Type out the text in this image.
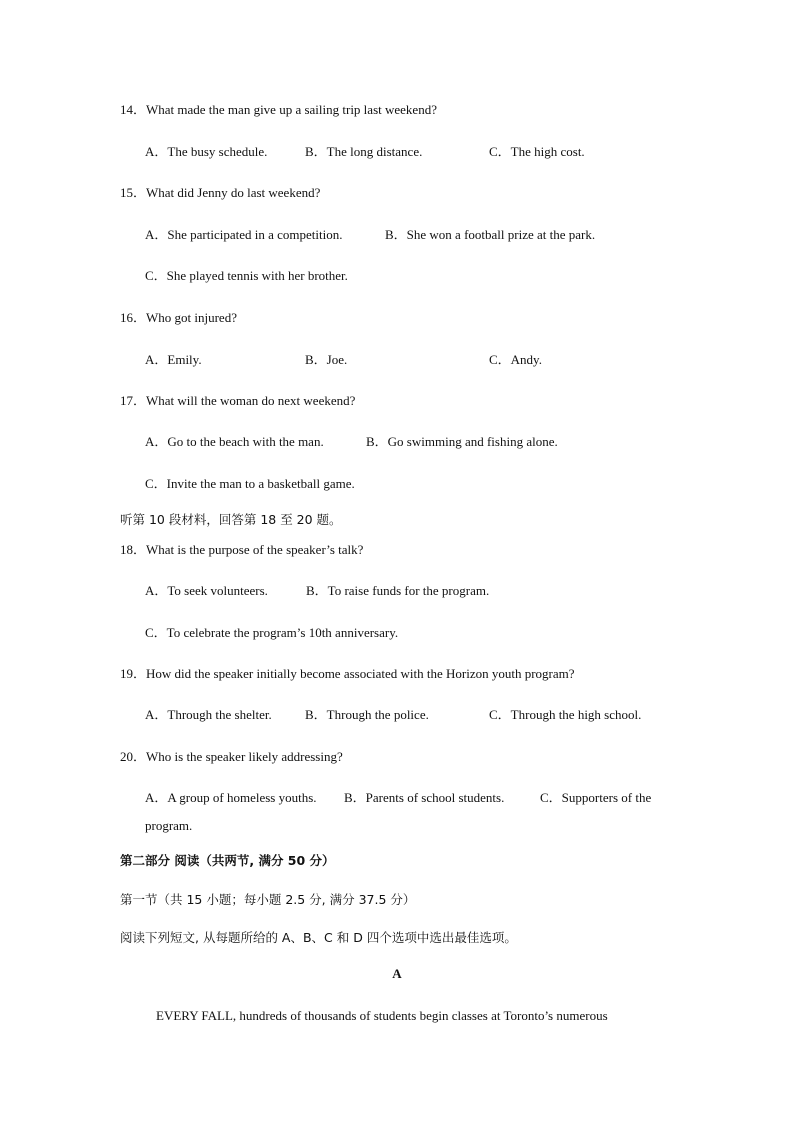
14．What made the man give up a sailing trip last weekend?
A．The busy schedule.	B．The long distance.	C．The high cost.
15．What did Jenny do last weekend?
A．She participated in a competition.	B．She won a football prize at the park.
C．She played tennis with her brother.
16．Who got injured?
A．Emily.	B．Joe.	C．Andy.
17．What will the woman do next weekend?
A．Go to the beach with the man.	B．Go swimming and fishing alone.
C．Invite the man to a basketball game.
听第 10 段材料，回答第 18 至 20 题。
18．What is the purpose of the speaker’s talk?
A．To seek volunteers.	B．To raise funds for the program.
C．To celebrate the program’s 10th anniversary.
19．How did the speaker initially become associated with the Horizon youth program?
A．Through the shelter.	B．Through the police.	C．Through the high school.
20．Who is the speaker likely addressing?
A．A group of homeless youths. B．Parents of school students.	C．Supporters of the
program.
第二部分 阅读（共两节, 满分 50 分）
第一节（共 15 小题；每小题 2.5 分, 满分 37.5 分）
阅读下列短文, 从每题所给的 A、B、C 和 D 四个选项中选出最佳选项。
A
EVERY FALL, hundreds of thousands of students begin classes at Toronto’s numerous
